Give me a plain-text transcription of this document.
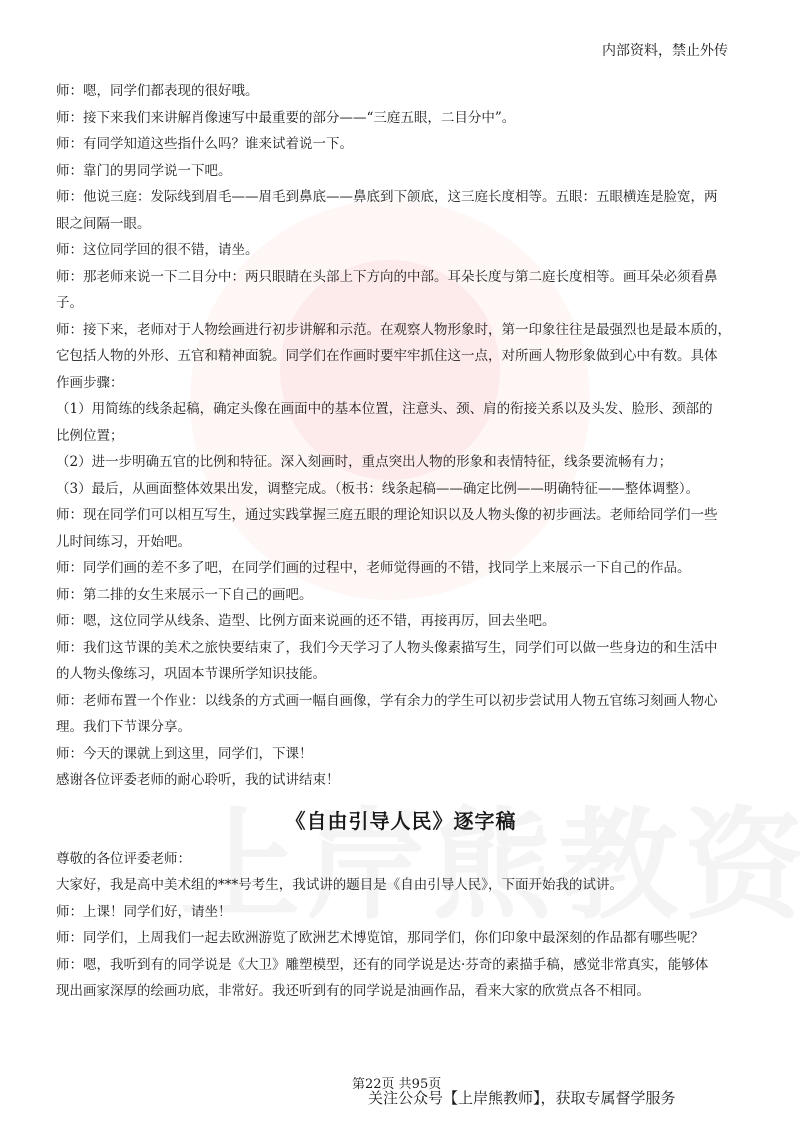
内部资料，禁止外传
师：嗯，同学们都表现的很好哦。
师：接下来我们来讲解肖像速写中最重要的部分——“三庭五眼，二目分中”。
师：有同学知道这些指什么吗？谁来试着说一下。
师：靠门的男同学说一下吧。
师：他说三庭：发际线到眉毛——眉毛到鼻底——鼻底到下颌底，这三庭长度相等。五眼：五眼横连是脸宽，两
眼之间隔一眼。
师：这位同学回的很不错，请坐。
师：那老师来说一下二目分中：两只眼睛在头部上下方向的中部。耳朵长度与第二庭长度相等。画耳朵必须看鼻
子。
师：接下来，老师对于人物绘画进行初步讲解和示范。在观察人物形象时，第一印象往往是最强烈也是最本质的，
它包括人物的外形、五官和精神面貌。同学们在作画时要牢牢抓住这一点，对所画人物形象做到心中有数。具体
作画步骤：
（1）用简练的线条起稿，确定头像在画面中的基本位置，注意头、颈、肩的衔接关系以及头发、脸形、颈部的
比例位置；
（2）进一步明确五官的比例和特征。深入刻画时，重点突出人物的形象和表情特征，线条要流畅有力；
（3）最后，从画面整体效果出发，调整完成。（板书：线条起稿——确定比例——明确特征——整体调整）。
师：现在同学们可以相互写生，通过实践掌握三庭五眼的理论知识以及人物头像的初步画法。老师给同学们一些
儿时间练习，开始吧。
师：同学们画的差不多了吧，在同学们画的过程中，老师觉得画的不错，找同学上来展示一下自己的作品。
师：第二排的女生来展示一下自己的画吧。
师：嗯，这位同学从线条、造型、比例方面来说画的还不错，再接再厉，回去坐吧。
师：我们这节课的美术之旅快要结束了，我们今天学习了人物头像素描写生，同学们可以做一些身边的和生活中
的人物头像练习，巩固本节课所学知识技能。
师：老师布置一个作业：以线条的方式画一幅自画像，学有余力的学生可以初步尝试用人物五官练习刻画人物心
理。我们下节课分享。
师：今天的课就上到这里，同学们，下课！
感谢各位评委老师的耐心聆听，我的试讲结束！
《自由引导人民》逐字稿
尊敬的各位评委老师：
大家好，我是高中美术组的***号考生，我试讲的题目是《自由引导人民》，下面开始我的试讲。
师：上课！同学们好，请坐！
师：同学们，上周我们一起去欧洲游览了欧洲艺术博览馆，那同学们，你们印象中最深刻的作品都有哪些呢？
师：嗯，我听到有的同学说是《大卫》雕塑模型，还有的同学说是达·芬奇的素描手稿，感觉非常真实，能够体
现出画家深厚的绘画功底，非常好。我还听到有的同学说是油画作品，看来大家的欣赏点各不相同。
第22页 共95页
关注公众号【上岸熊教师】，获取专属督学服务
